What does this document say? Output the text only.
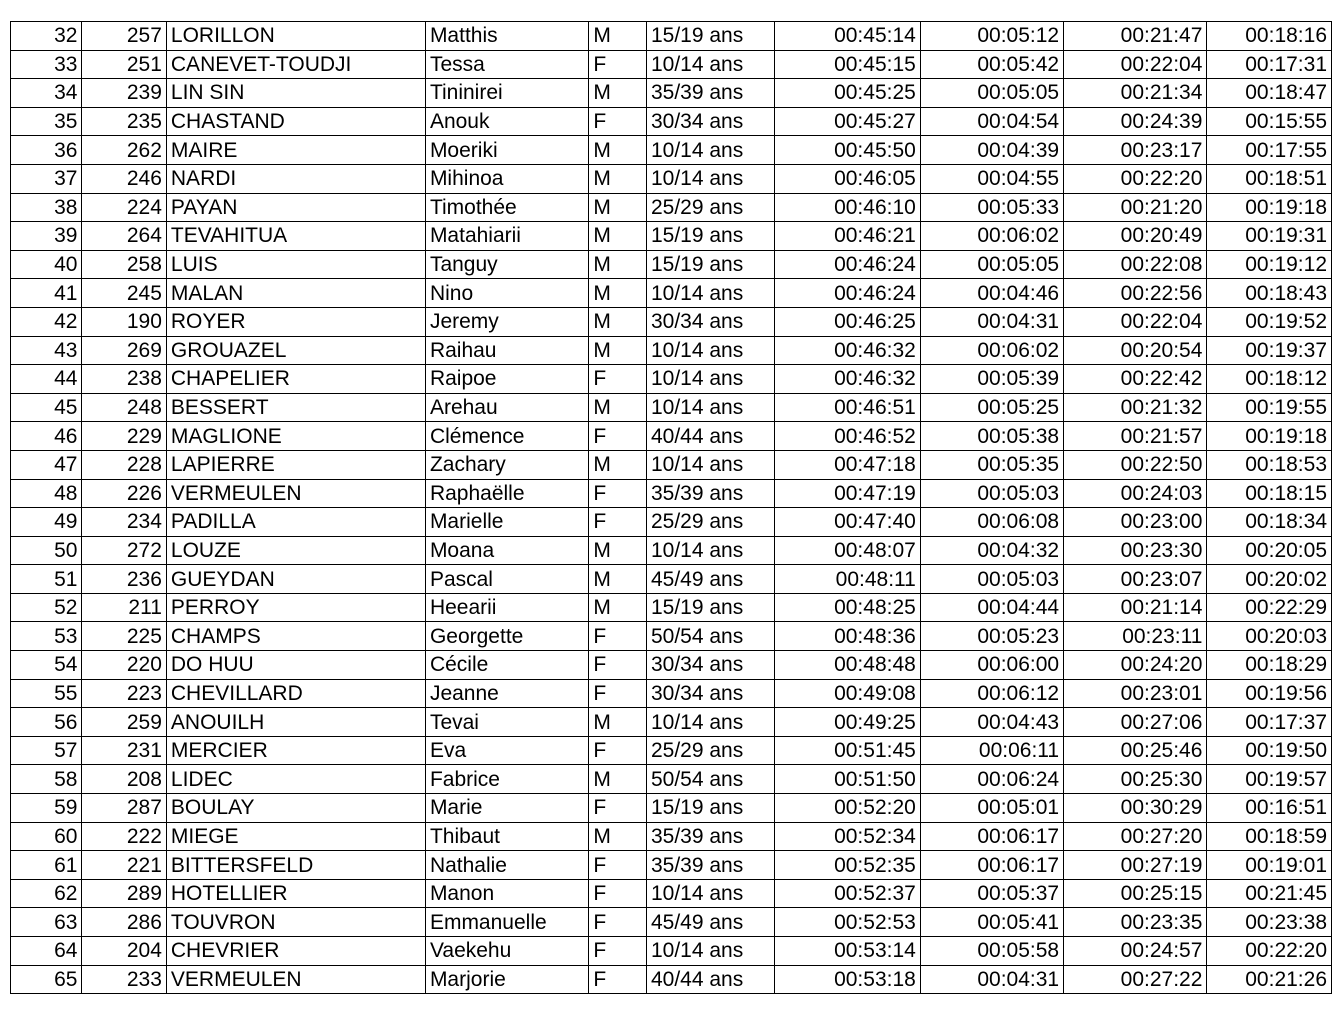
32	257	LORILLON	Matthis	M	15/19 ans	00:45:14	00:05:12	00:21:47	00:18:16
33	251	CANEVET-TOUDJI	Tessa	F	10/14 ans	00:45:15	00:05:42	00:22:04	00:17:31
34	239	LIN SIN	Tininirei	M	35/39 ans	00:45:25	00:05:05	00:21:34	00:18:47
35	235	CHASTAND	Anouk	F	30/34 ans	00:45:27	00:04:54	00:24:39	00:15:55
36	262	MAIRE	Moeriki	M	10/14 ans	00:45:50	00:04:39	00:23:17	00:17:55
37	246	NARDI	Mihinoa	M	10/14 ans	00:46:05	00:04:55	00:22:20	00:18:51
38	224	PAYAN	Timothée	M	25/29 ans	00:46:10	00:05:33	00:21:20	00:19:18
39	264	TEVAHITUA	Matahiarii	M	15/19 ans	00:46:21	00:06:02	00:20:49	00:19:31
40	258	LUIS	Tanguy	M	15/19 ans	00:46:24	00:05:05	00:22:08	00:19:12
41	245	MALAN	Nino	M	10/14 ans	00:46:24	00:04:46	00:22:56	00:18:43
42	190	ROYER	Jeremy	M	30/34 ans	00:46:25	00:04:31	00:22:04	00:19:52
43	269	GROUAZEL	Raihau	M	10/14 ans	00:46:32	00:06:02	00:20:54	00:19:37
44	238	CHAPELIER	Raipoe	F	10/14 ans	00:46:32	00:05:39	00:22:42	00:18:12
45	248	BESSERT	Arehau	M	10/14 ans	00:46:51	00:05:25	00:21:32	00:19:55
46	229	MAGLIONE	Clémence	F	40/44 ans	00:46:52	00:05:38	00:21:57	00:19:18
47	228	LAPIERRE	Zachary	M	10/14 ans	00:47:18	00:05:35	00:22:50	00:18:53
48	226	VERMEULEN	Raphaëlle	F	35/39 ans	00:47:19	00:05:03	00:24:03	00:18:15
49	234	PADILLA	Marielle	F	25/29 ans	00:47:40	00:06:08	00:23:00	00:18:34
50	272	LOUZE	Moana	M	10/14 ans	00:48:07	00:04:32	00:23:30	00:20:05
51	236	GUEYDAN	Pascal	M	45/49 ans	00:48:11	00:05:03	00:23:07	00:20:02
52	211	PERROY	Heearii	M	15/19 ans	00:48:25	00:04:44	00:21:14	00:22:29
53	225	CHAMPS	Georgette	F	50/54 ans	00:48:36	00:05:23	00:23:11	00:20:03
54	220	DO HUU	Cécile	F	30/34 ans	00:48:48	00:06:00	00:24:20	00:18:29
55	223	CHEVILLARD	Jeanne	F	30/34 ans	00:49:08	00:06:12	00:23:01	00:19:56
56	259	ANOUILH	Tevai	M	10/14 ans	00:49:25	00:04:43	00:27:06	00:17:37
57	231	MERCIER	Eva	F	25/29 ans	00:51:45	00:06:11	00:25:46	00:19:50
58	208	LIDEC	Fabrice	M	50/54 ans	00:51:50	00:06:24	00:25:30	00:19:57
59	287	BOULAY	Marie	F	15/19 ans	00:52:20	00:05:01	00:30:29	00:16:51
60	222	MIEGE	Thibaut	M	35/39 ans	00:52:34	00:06:17	00:27:20	00:18:59
61	221	BITTERSFELD	Nathalie	F	35/39 ans	00:52:35	00:06:17	00:27:19	00:19:01
62	289	HOTELLIER	Manon	F	10/14 ans	00:52:37	00:05:37	00:25:15	00:21:45
63	286	TOUVRON	Emmanuelle	F	45/49 ans	00:52:53	00:05:41	00:23:35	00:23:38
64	204	CHEVRIER	Vaekehu	F	10/14 ans	00:53:14	00:05:58	00:24:57	00:22:20
65	233	VERMEULEN	Marjorie	F	40/44 ans	00:53:18	00:04:31	00:27:22	00:21:26
